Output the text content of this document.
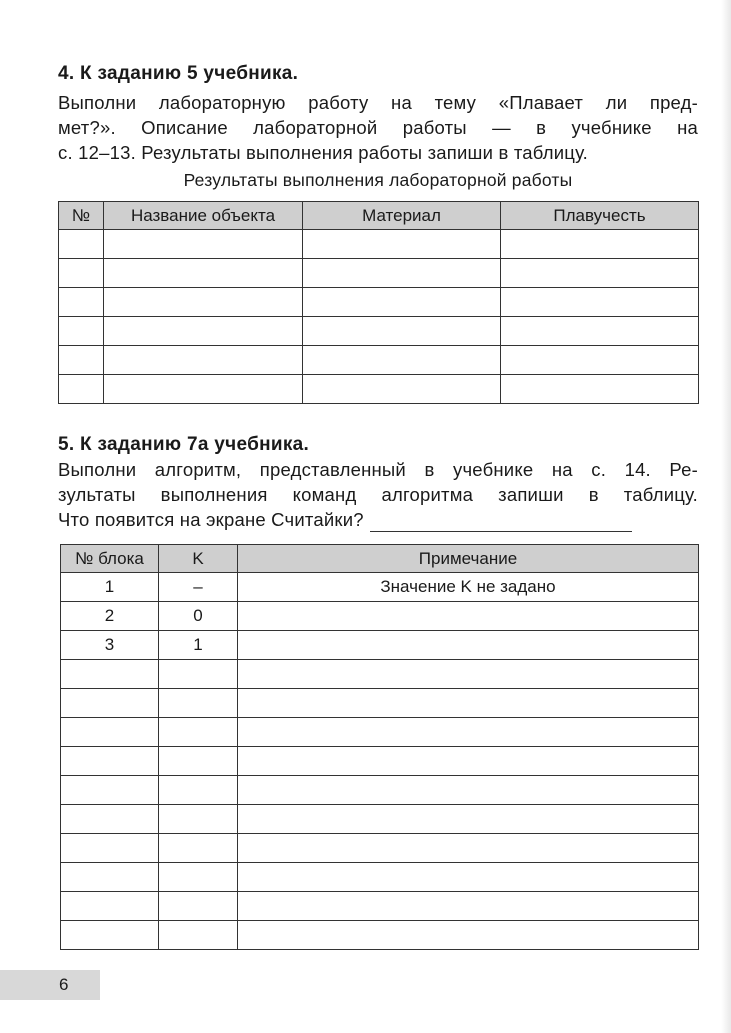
4. К заданию 5 учебника.
Выполни лабораторную работу на тему «Плавает ли пред-
мет?». Описание лабораторной работы — в учебнике на
с. 12–13. Результаты выполнения работы запиши в таблицу.
Результаты выполнения лабораторной работы
№	Название объекта	Материал	Плавучесть

5. К заданию 7а учебника.
Выполни алгоритм, представленный в учебнике на с. 14. Ре-
зультаты выполнения команд алгоритма запиши в таблицу.
Что появится на экране Считайки?
№ блока	K	Примечание
1	–	Значение K не задано
2	0	
3	1	

6
